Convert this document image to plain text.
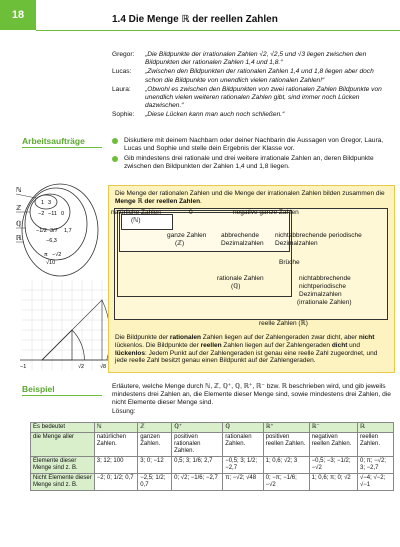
18	1.4 Die Menge ℝ der reellen Zahlen
Gregor:	„Die Bildpunkte der irrationalen Zahlen √2, √2,5 und √3 liegen zwischen den Bildpunkten der rationalen Zahlen 1,4 und 1,8.“
Lucas:	„Zwischen den Bildpunkten der rationalen Zahlen 1,4 und 1,8 liegen aber doch schon die Bildpunkte von unendlich vielen rationalen Zahlen!“
Laura:	„Obwohl es zwischen den Bildpunkten von zwei rationalen Zahlen Bildpunkte von unendlich vielen weiteren rationalen Zahlen gibt, sind immer noch Lücken dazwischen.“
Sophie:	„Diese Lücken kann man auch noch schließen.“
Arbeitsaufträge	Diskutiere mit deinem Nachbarn oder deiner Nachbarin die Aussagen von Gregor, Laura, Lucas und Sophie und stelle dein Ergebnis der Klasse vor.
Gib mindestens drei rationale und drei weitere irrationale Zahlen an, deren Bildpunkte zwischen den Bildpunkten der Zahlen 1,4 und 1,8 liegen.
ℕ
ℤ
ℚ
ℝ
1 3
−2 −11 0
−1/2 3/7 1,7
−6,3
π −√2
√10
−1	√2	√8
Die Menge der rationalen Zahlen und die Menge der irrationalen Zahlen bilden zusammen die Menge ℝ der reellen Zahlen.
natürliche Zahlen
(ℕ)
0	negative ganze Zahlen
ganze Zahlen
(ℤ)
abbrechende
Dezimalzahlen
nichtabbrechende periodische Dezimalzahlen
Brüche
rationale Zahlen
(ℚ)
nichtabbrechende
nichtperiodische
Dezimalzahlen
(irrationale Zahlen)
reelle Zahlen (ℝ)
Die Bildpunkte der rationalen Zahlen liegen auf der Zahlengeraden zwar dicht, aber nicht lückenlos. Die Bildpunkte der reellen Zahlen liegen auf der Zahlengeraden dicht und lückenlos: Jedem Punkt auf der Zahlengeraden ist genau eine reelle Zahl zugeordnet, und jede reelle Zahl besitzt genau einen Bildpunkt auf der Zahlengeraden.
Beispiel	Erläutere, welche Menge durch ℕ, ℤ, ℚ⁺, ℚ, ℝ⁺, ℝ⁻ bzw. ℝ beschrieben wird, und gib jeweils mindestens drei Zahlen an, die Elemente dieser Menge sind, sowie mindestens drei Zahlen, die nicht Elemente dieser Menge sind.
Lösung:
Es bedeutet	ℕ	ℤ	ℚ⁺	ℚ	ℝ⁺	ℝ⁻	ℝ
die Menge aller	natürlichen Zahlen.	ganzen Zahlen.	positiven rationalen Zahlen.	rationalen Zahlen.	positiven reellen Zahlen.	negativen reellen Zahlen.	reellen Zahlen.
Elemente dieser Menge sind z. B.	3; 12; 100	3; 0; −12	0,5; 3; 1/6; 2,7	−0,5; 3; 1/2; −2,7	1; 0,6; √2; 3	−0,5; −3; −1/2; −√2	0; π; −√2; 3; −2,7
Nicht Elemente dieser Menge sind z. B.	−2; 0; 1/2; 0,7	−2,5; 1/2; 0,7	0; √2; −1/6; −2,7	π; −√2; √48	0; −π; −1/6; −√2	1; 0,6; π; 0; √2	√−4; √−2; √−1
